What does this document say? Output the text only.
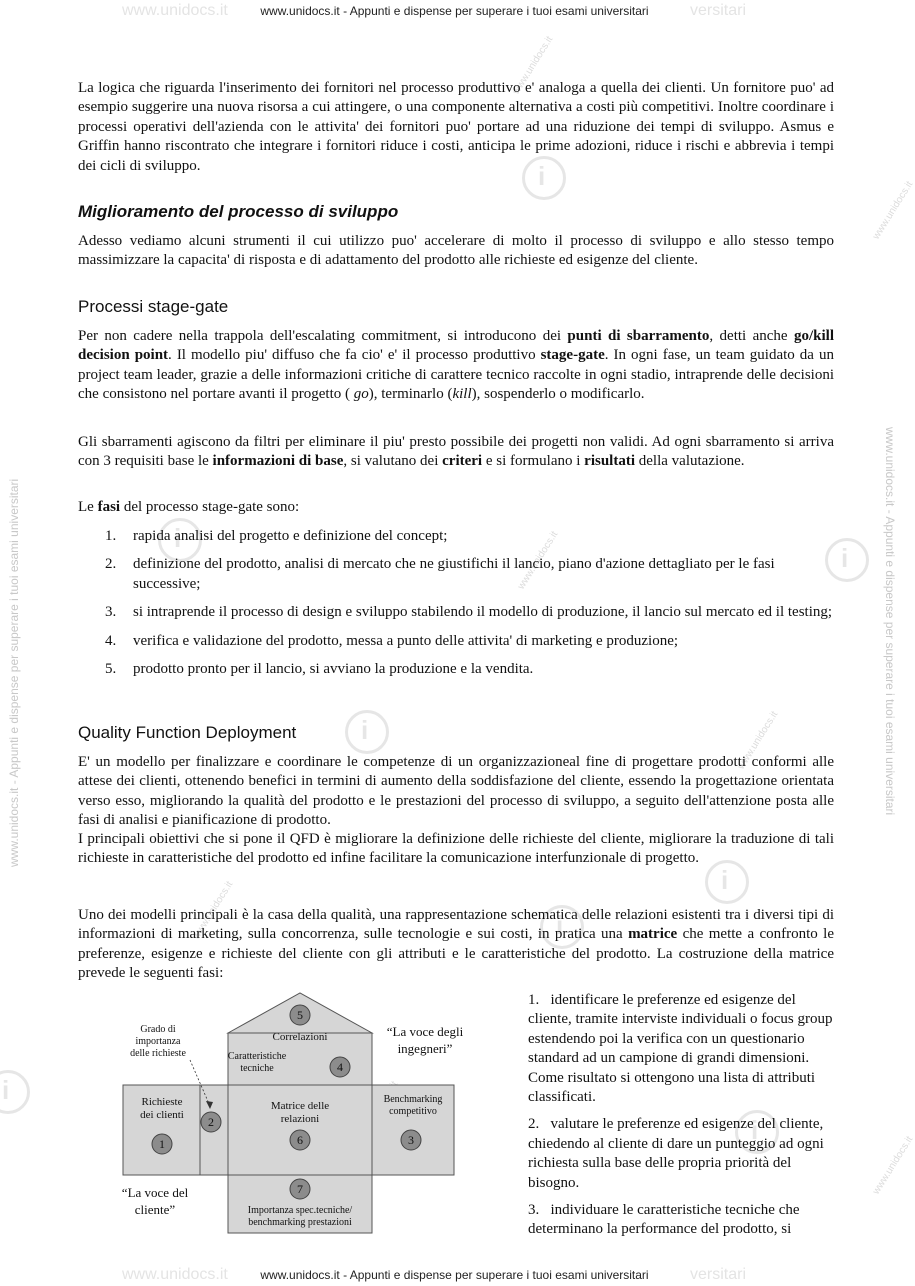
www.unidocs.it	versitari
www.unidocs.it - Appunti e dispense per superare i tuoi esami universitari
www.unidocs.it	versitari
www.unidocs.it - Appunti e dispense per superare i tuoi esami universitari
www.unidocs.it - Appunti e dispense per superare i tuoi esami universitari	www.unidocs.it - Appunti e dispense per superare i tuoi esami universitari
www.unidocs.it
www.unidocs.it
www.unidocs.it
www.unidocs.it
www.unidocs.it
www.unidocs.it
i
i
i
i
i
i
i
i

La logica che riguarda l'inserimento dei fornitori nel processo produttivo e' analoga a quella dei clienti. Un fornitore puo' ad esempio suggerire una nuova risorsa a cui attingere, o una componente alternativa a costi più competitivi. Inoltre coordinare i processi operativi dell'azienda con le attivita' dei fornitori puo' portare ad una riduzione dei tempi di sviluppo. Asmus e Griffin hanno riscontrato che integrare i fornitori riduce i costi, anticipa le prime adozioni, riduce i rischi e abbrevia i tempi dei cicli di sviluppo.

Miglioramento del processo di sviluppo

Adesso vediamo alcuni strumenti il cui utilizzo puo' accelerare di molto il processo di sviluppo e allo stesso tempo massimizzare la capacita' di risposta e di adattamento del prodotto alle richieste ed esigenze del cliente.

Processi stage-gate

Per non cadere nella trappola dell'escalating commitment, si introducono dei punti di sbarramento, detti anche go/kill decision point. Il modello piu' diffuso che fa cio' e' il processo produttivo stage-gate. In ogni fase, un team guidato da un project team leader, grazie a delle informazioni critiche di carattere tecnico raccolte in ogni stadio, intraprende delle decisioni che consistono nel portare avanti il progetto ( go), terminarlo (kill), sospenderlo o modificarlo.

Gli sbarramenti agiscono da filtri per eliminare il piu' presto possibile dei progetti non validi. Ad ogni sbarramento si arriva con 3 requisiti base le informazioni di base, si valutano dei criteri e si formulano i risultati della valutazione.

Le fasi del processo stage-gate sono:

1. rapida analisi del progetto e definizione del concept;
2. definizione del prodotto, analisi di mercato che ne giustifichi il lancio, piano d'azione dettagliato per le fasi successive;
3. si intraprende il processo di design e sviluppo stabilendo il modello di produzione, il lancio sul mercato ed il testing;
4. verifica e validazione del prodotto, messa a punto delle attivita' di marketing e produzione;
5. prodotto pronto per il lancio, si avviano la produzione e la vendita.
Quality Function Deployment

E' un modello per finalizzare e coordinare le competenze di un organizzazioneal fine di progettare prodotti conformi alle attese dei clienti, ottenendo benefici in termini di aumento della soddisfazione del cliente, essendo la progettazione orientata verso esso, migliorando la qualità del prodotto e le prestazioni del processo di sviluppo, a seguito dell'attenzione posta alle fasi di analisi e pianificazione di prodotto.

I principali obiettivi che si pone il QFD è migliorare la definizione delle richieste del cliente, migliorare la traduzione di tali richieste in caratteristiche del prodotto ed infine facilitare la comunicazione interfunzionale di progetto.

Uno dei modelli principali è la casa della qualità, una rappresentazione schematica delle relazioni esistenti tra i diversi tipi di informazioni di marketing, sulla concorrenza, sulle tecnologie e sui costi, in pratica una matrice che mette a confronto le preferenze, esigenze e richieste del cliente con gli attributi e le caratteristiche del prodotto. La costruzione della matrice prevede le seguenti fasi:

5
4
2
1	6	3
7
Correlazioni
Caratteristiche
tecniche
Matrice delle
relazioni
Richieste
dei clienti
Benchmarking
competitivo
Importanza spec.tecniche/
benchmarking prestazioni
Grado di
importanza
delle richieste
“La voce degli
ingegneri”
“La voce del
cliente”
1. identificare le preferenze ed esigenze del cliente, tramite interviste individuali o focus group estendendo poi la verifica con un questionario standard ad un campione di grandi dimensioni. Come risultato si ottengono una lista di attributi classificati.
2. valutare le preferenze ed esigenze del cliente, chiedendo al cliente di dare un punteggio ad ogni richiesta sulla base delle propria priorità del bisogno.
3. individuare le caratteristiche tecniche che determinano la performance del prodotto, si
